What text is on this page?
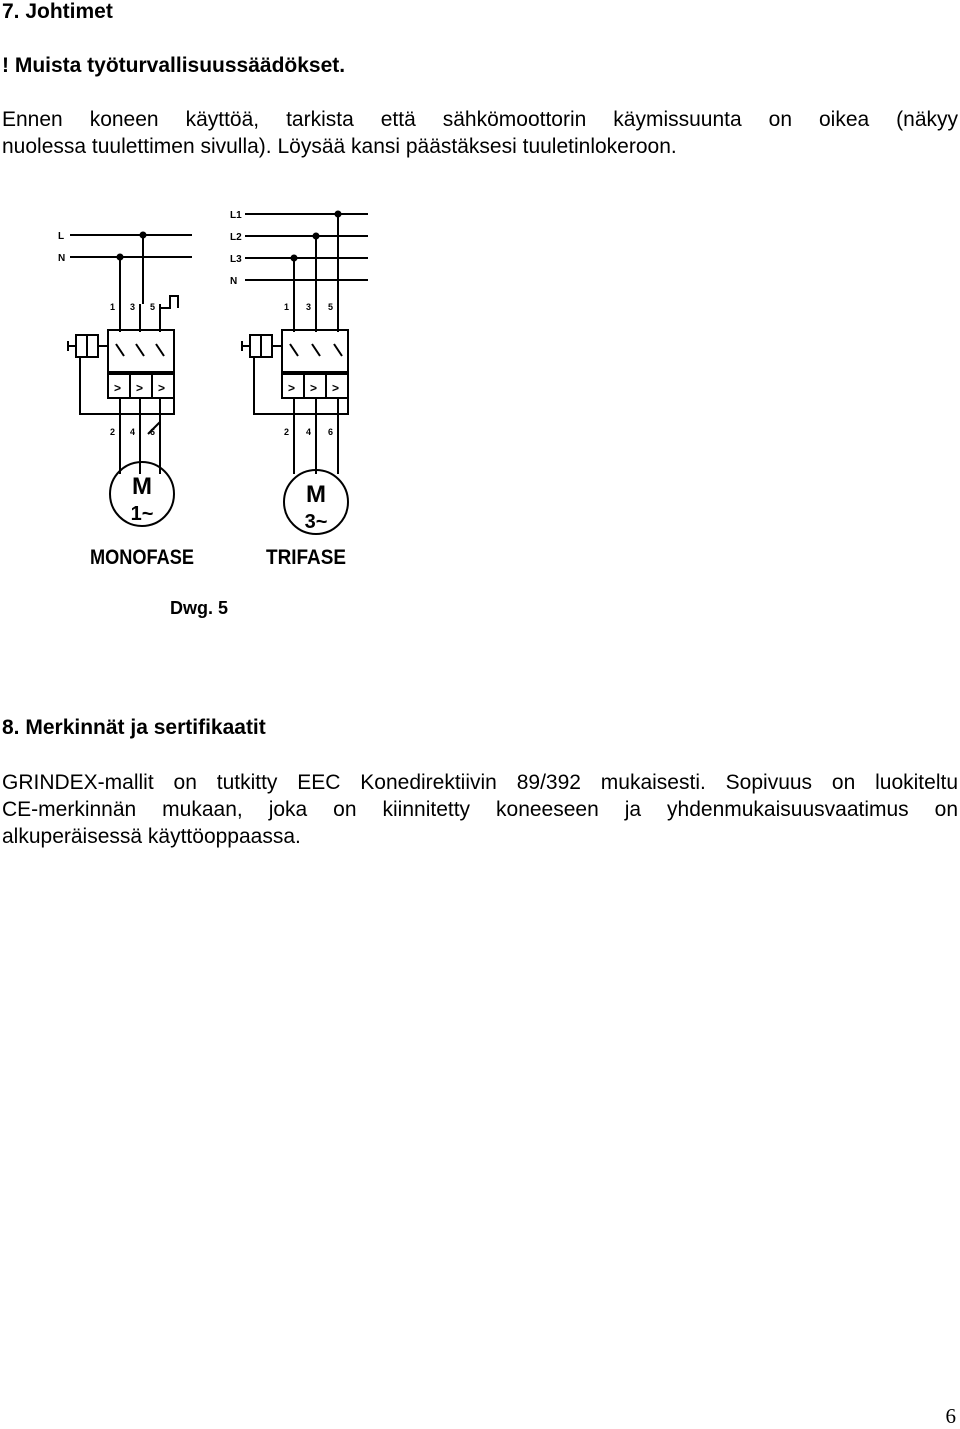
7. Johtimet

! Muista työturvallisuussäädökset.

Ennen koneen käyttöä, tarkista että sähkömoottorin käymissuunta on oikea (näkyy
nuolessa tuulettimen sivulla). Löysää kansi päästäksesi tuuletinlokeroon.
L
N
L1
L2
L3
N
1 3 5
2 4 6
1 3 5
2 4 6
> > >	> > >
M
1~
M
3~
MONOFASE	TRIFASE
Dwg. 5
8. Merkinnät ja sertifikaatit
GRINDEX-mallit on tutkitty EEC Konedirektiivin 89/392 mukaisesti. Sopivuus on luokiteltu
CE-merkinnän mukaan, joka on kiinnitetty koneeseen ja yhdenmukaisuusvaatimus on
alkuperäisessä käyttöoppaassa.
6
